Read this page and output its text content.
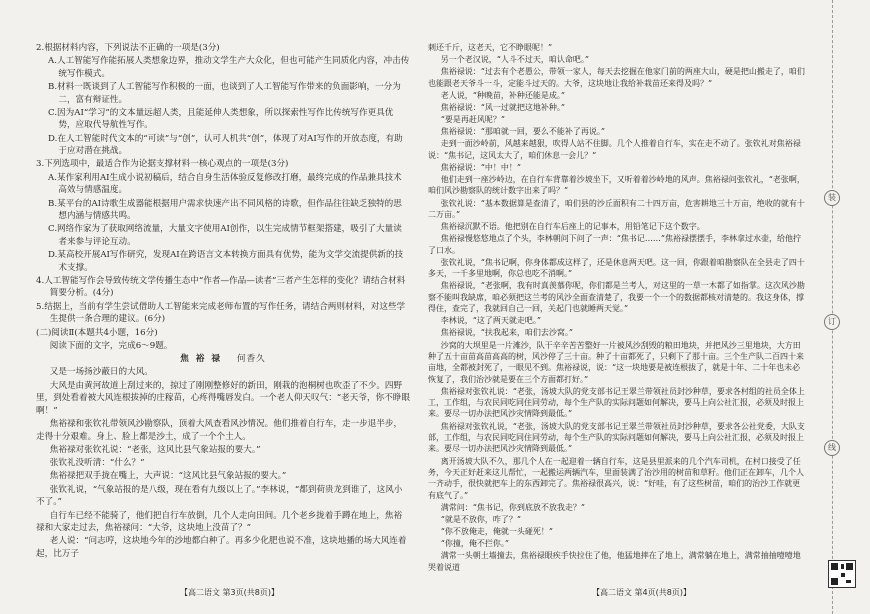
2.根据材料内容，下列说法不正确的一项是(3分)

A.人工智能写作能拓展人类想象边界，推动文学生产大众化，但也可能产生同质化内容，冲击传统写作模式。

B.材料一既谈到了人工智能写作积极的一面，也谈到了人工智能写作带来的负面影响，一分为二，富有辩证性。

C.因为AI“学习”的文本量远超人类，且能延伸人类想象，所以探索性写作比传统写作更具优势，应取代导航性写作。

D.在人工智能时代文本的“可读”与“创”，认可人机共“创”，体现了对AI写作的开放态度，有助于应对潜在挑战。

3.下列选项中，最适合作为论据支撑材料一核心观点的一项是(3分)

A.某作家利用AI生成小说初稿后，结合自身生活体验反复修改打磨，最终完成的作品兼具技术高效与情感温度。

B.某平台的AI诗歌生成器能根据用户需求快速产出不同风格的诗歌，但作品往往缺乏独特的思想内涵与情感共鸣。

C.网络作家为了获取网络流量，大量文字使用AI创作，以生完成情节框架搭建，吸引了大量读者来参与评论互动。

D.某高校开展AI写作研究，发现AI在跨语言文本转换方面具有优势，能为文学交流提供新的技术支撑。

4.人工智能写作会导致传统文学传播生态中“作者—作品—读者”三者产生怎样的变化？请结合材料简要分析。(4分)

5.结据上，当前有学生尝试借助人工智能来完成老师布置的写作任务，请结合两则材料，对这些学生提供一条合理的建议。(6分)

(二)阅读Ⅱ(本题共4小题，16分)

阅读下面的文字，完成6～9题。

焦 裕 禄 何香久

又是一场扬沙蔽日的大风。

大风是由黄河故道上刮过来的，掠过了刚刚整修好的新田，刚栽的泡桐树也吹歪了不少。四野里，到处看着被大风连根拔掉的庄稼苗，心疼得嘴唇发白。一个老人仰天叹气：“老天爷，你不睁眼啊！”

焦裕禄和张钦礼带领风沙勘察队，顶着大风查看风沙情况。他们推着自行车，走一步退半步，走得十分艰难。身上、脸上都是沙土，成了一个个土人。

焦裕禄对张钦礼说：“老张，这风比县气象站报的要大。”

张钦礼没听清：“什么？”

焦裕禄把双手拢在嘴上，大声说：“这风比县气象站报的要大。”

张钦礼说，“气象站报的是八级，现在看有九级以上了。”李林说，“都到荷贵龙到谁了，这风小不了。”

自行车已经不能骑了，他们把自行车放倒，几个人走向田间。几个老乡拢着手蹲在地上，焦裕禄和大家走过去，焦裕禄问：“大爷，这块地上没苗了？”

老人说：“问志哼，这块地今年的沙地都白种了。再多少化肥也说不准，这块地播的场大风连着起，比万子

刺还千斤，这老天，它不睁眼呢！”

另一个老汉说，“人斗不过天，咱认命吧。”

焦裕禄说：“过去有个老愚公，带领一家人，每天去挖掘在他家门前的两座大山，硬是把山搬走了，咱们也能跟老天爷斗一斗，定能斗过天的。大爷，这块地让我给补栽苗还来得及吗？”

老人说，“种晚苗，补种还能是成。”

焦裕禄说：“风一过就把这地补种。”

“要是再赶风呢？”

焦裕禄说：“那咱就一回，要么不能补了再说。”

走到一面沙岭前，风越来越狠，吹得人站不住脚。几个人推着自行车，实在走不动了。张钦礼对焦裕禄说：“焦书记，这风太大了，咱们休息一会儿？”

焦裕禄说：“中！中！”

他们走到一座沙岭边，在自行车背靠着沙坡坐下，又听着着沙岭地的风声。焦裕禄问张钦礼，“老张啊，咱们风沙勘察队的统计数字出来了吗？”

张钦礼说：“基本数据算是查清了，咱们县的沙丘面积有二十四万亩，危害耕地三十万亩，绝收的就有十二万亩。”

焦裕禄沉默不语。他把别在自行车后座上的记事本，用铅笔记下这个数字。

焦裕禄慢悠悠地点了个头，李林朝问下问了一声：“焦书记……”焦裕禄摆摆手，李林拿过水壶，给他拧了口水。

张钦礼说，“焦书记啊，你身体都成这样了，还是休息两天吧。这一回，你跟着咱勘察队在全县走了四十多天，一千多里地啊，你总也吃不消啊。”

焦裕禄说，“老张啊，我有时真羡慕你呢，你们都是兰考人，对这里的一草一木都了如指掌。这次风沙勘察不能叫我缺席，咱必须把这兰考的风沙全面查清楚了，我要一个一个的数据都核对清楚的。我这身体，撑得住，查完了，我就回自己一回，关起门也就睡两天觉。”

李林说，“这了两天就走吧。”

焦裕禄说，“扶我起来，咱们去沙窝。”

沙窝的大坝里是一片滩沙，队干辛辛苦苦整好一片被风沙刮毁的粮田地块，并把风沙三里地块，大方田种了五十亩苗高苗高高的树，风沙停了三十亩。种了十亩都死了，只剩下了那十亩。三个生产队二百四十来亩地，全都被封死了，一眼见不到。焦裕禄说，说：“这一块地要是被连根拔了，就是十年、二十年也未必恢复了，我们治沙就是要在三个方面都打好。”

焦裕禄对张钦礼说：“老张，汤坡大队的党支部书记王翠兰带领社员封沙种草，要求各村组的社员全体上工，工作组，与农民同吃同住同劳动，每个生产队的实际问题如何解决，要马上向公社汇报，必须及时报上来。要尽一切办法把风沙灾情降到最低。”

焦裕禄对张钦礼说，“老张，汤坡大队的党支部书记王翠兰带领社员封沙种草，要求各公社党委，大队支部，工作组，与农民同吃同住同劳动，每个生产队的实际问题如何解决，要马上向公社汇报，必须及时报上来。要尽一切办法把风沙灾情降到最低。”

离开汤坡大队不久，那几个人在一起迎着一辆自行车，这是县里派来的几个汽车司机，在村口接受了任务，今天正好赶来这儿帮忙，一起搬运两辆汽车，里面装满了治沙用的树苗和草籽。他们正在卸车，几个人一齐动手，很快就把车上的东西卸完了。焦裕禄很高兴，说：“好哇，有了这些树苗，咱们的治沙工作就更有底气了。”

满常问：“焦书记，你到底放不放我走？”

“就是不放你，咋了？”

“你不放俺走，俺就一头碰死！”

“你撞，俺不拦你。”

满常一头朝土墙撞去，焦裕禄眼疾手快拉住了他，他猛地摔在了地上，满常躺在地上，满常抽抽噎噎地哭着说道

【高二语文 第3页(共8页)】	【高二语文 第4页(共8页)】
装
订
线
